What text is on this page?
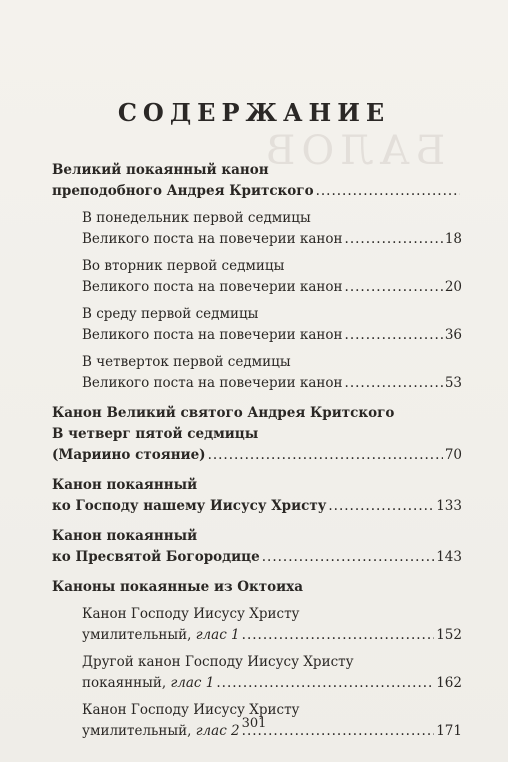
БАЛОВ
СОДЕРЖАНИЕ
Великий покаянный канон
преподобного Андрея Критского
.....
В понедельник первой седмицы
Великого поста на повечерии канон .....	18
Во вторник первой седмицы
Великого поста на повечерии канон .....	20
В среду первой седмицы
Великого поста на повечерии канон .....	36
В четверток первой седмицы
Великого поста на повечерии канон .....	53
Канон Великий святого Андрея Критского
В четверг пятой седмицы
(Мариино стояние) .....	70
Канон покаянный
ко Господу нашему Иисусу Христу .....	133
Канон покаянный
ко Пресвятой Богородице .....	143
Каноны покаянные из Октоиха
Канон Господу Иисусу Христу
умилительный, глас 1 .....	152
Другой канон Господу Иисусу Христу
покаянный, глас 1 .....	162
Канон Господу Иисусу Христу
умилительный, глас 2 .....	171
301
